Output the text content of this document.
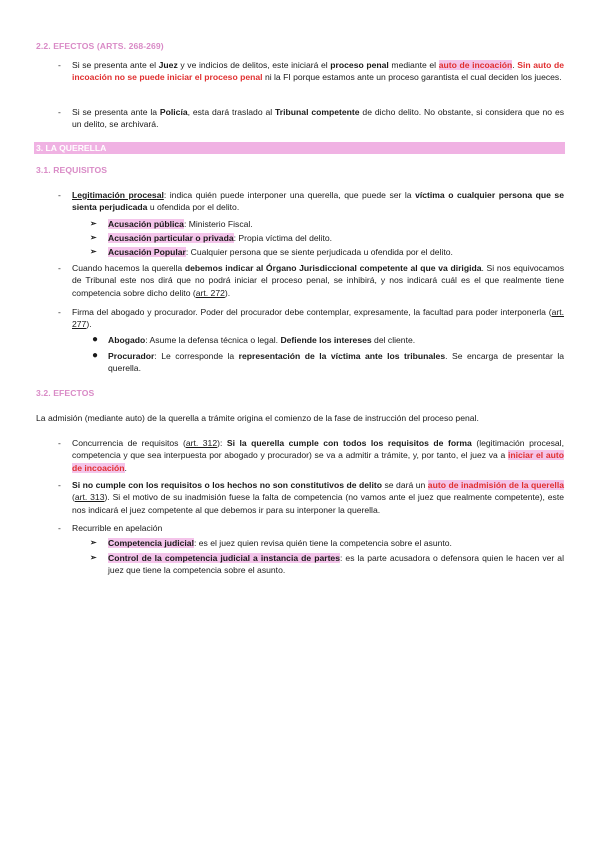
2.2. EFECTOS (ARTS. 268-269)
- Si se presenta ante el Juez y ve indicios de delitos, este iniciará el proceso penal mediante el auto de incoación. Sin auto de incoación no se puede iniciar el proceso penal ni la FI porque estamos ante un proceso garantista el cual deciden los jueces.
- Si se presenta ante la Policía, esta dará traslado al Tribunal competente de dicho delito. No obstante, si considera que no es un delito, se archivará.
3. LA QUERELLA
3.1. REQUISITOS
- Legitimación procesal: indica quién puede interponer una querella, que puede ser la víctima o cualquier persona que se sienta perjudicada u ofendida por el delito.
➢ Acusación pública: Ministerio Fiscal.
➢ Acusación particular o privada: Propia víctima del delito.
➢ Acusación Popular: Cualquier persona que se siente perjudicada u ofendida por el delito.
- Cuando hacemos la querella debemos indicar al Órgano Jurisdiccional competente al que va dirigida. Si nos equivocamos de Tribunal este nos dirá que no podrá iniciar el proceso penal, se inhibirá, y nos indicará cuál es el que realmente tiene competencia sobre dicho delito (art. 272).
- Firma del abogado y procurador. Poder del procurador debe contemplar, expresamente, la facultad para poder interponerla (art. 277).
● Abogado: Asume la defensa técnica o legal. Defiende los intereses del cliente.
● Procurador: Le corresponde la representación de la víctima ante los tribunales. Se encarga de presentar la querella.
3.2. EFECTOS
La admisión (mediante auto) de la querella a trámite origina el comienzo de la fase de instrucción del proceso penal.
- Concurrencia de requisitos (art. 312): Si la querella cumple con todos los requisitos de forma (legitimación procesal, competencia y que sea interpuesta por abogado y procurador) se va a admitir a trámite, y, por tanto, el juez va a iniciar el auto de incoación.
- Si no cumple con los requisitos o los hechos no son constitutivos de delito se dará un auto de inadmisión de la querella (art. 313). Si el motivo de su inadmisión fuese la falta de competencia (no vamos ante el juez que realmente competente), este nos indicará el juez competente al que debemos ir para su interponer la querella.
- Recurrible en apelación
➢ Competencia judicial: es el juez quien revisa quién tiene la competencia sobre el asunto.
➢ Control de la competencia judicial a instancia de partes: es la parte acusadora o defensora quien le hacen ver al juez que tiene la competencia sobre el asunto.
